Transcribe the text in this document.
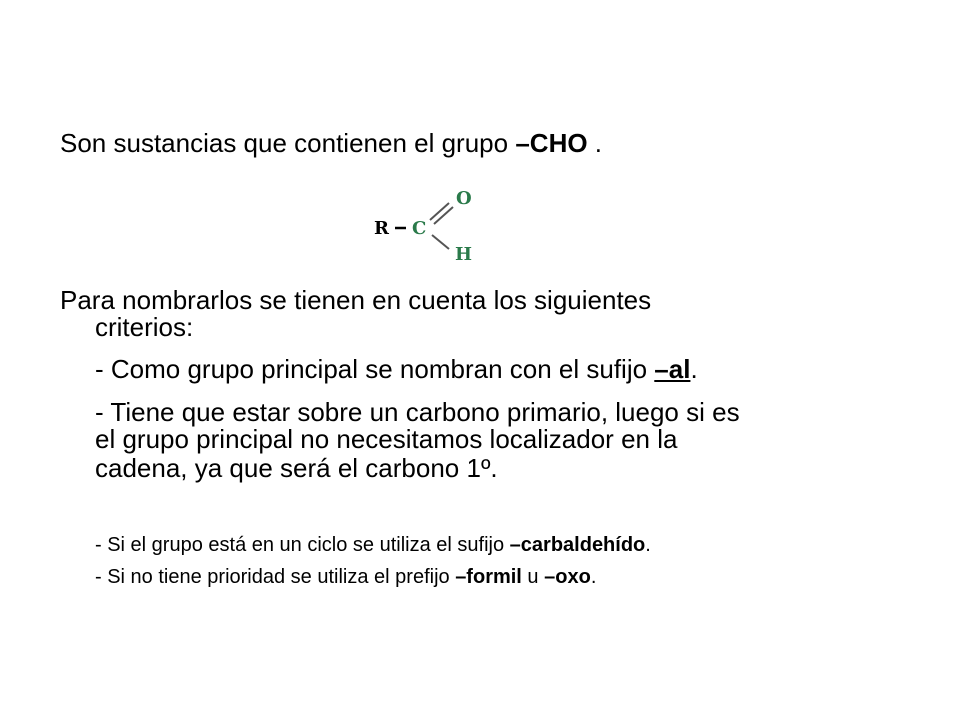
Son sustancias que contienen el grupo –CHO .
R C
O
H
Para nombrarlos se tienen en cuenta los siguientes
criterios:
- Como grupo principal se nombran con el sufijo –al.
- Tiene que estar sobre un carbono primario, luego si es
el grupo principal no necesitamos localizador en la
cadena, ya que será el carbono 1º.
- Si el grupo está en un ciclo se utiliza el sufijo –carbaldehído.
- Si no tiene prioridad se utiliza el prefijo –formil u –oxo.
